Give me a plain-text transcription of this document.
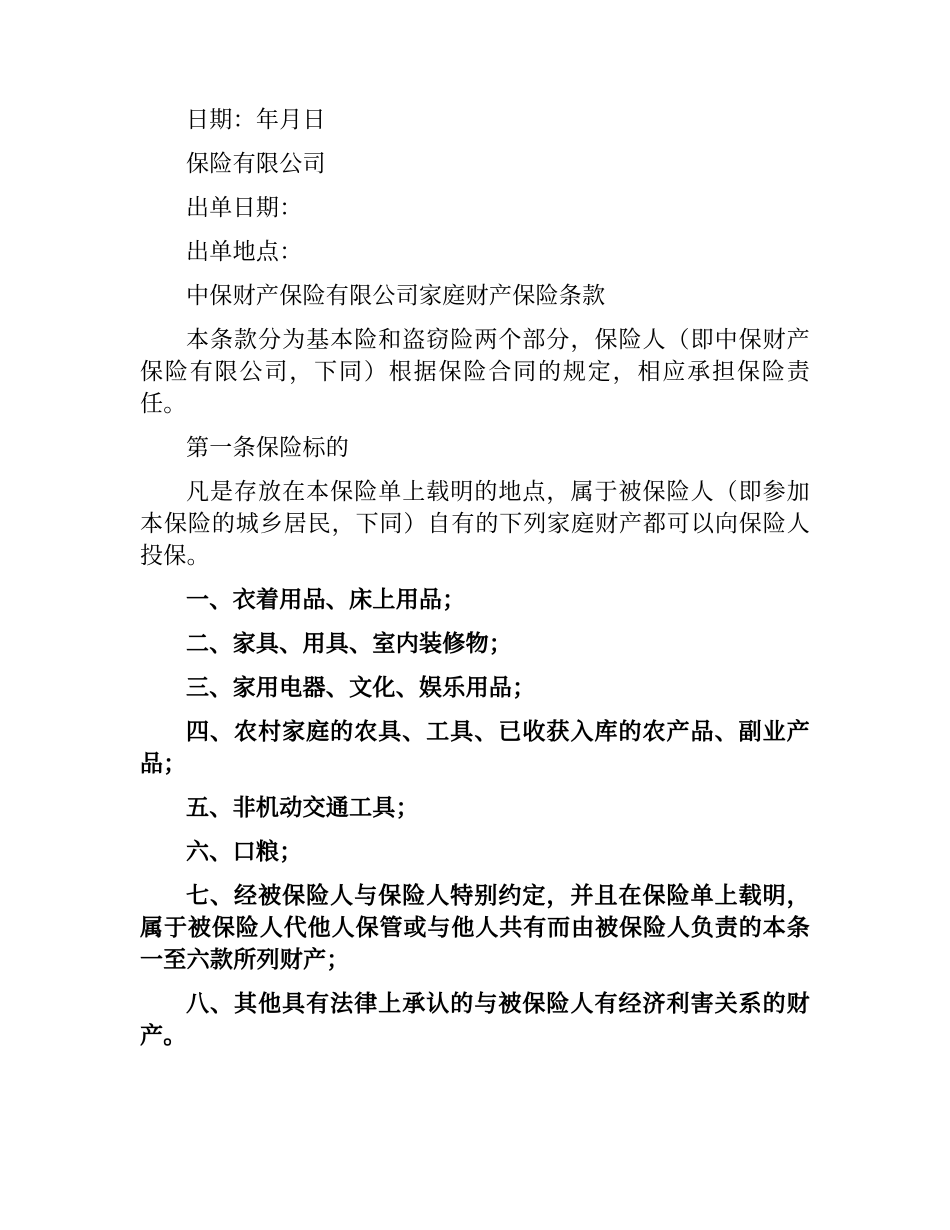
日期：年月日

保险有限公司

出单日期：

出单地点：

中保财产保险有限公司家庭财产保险条款

本条款分为基本险和盗窃险两个部分，保险人（即中保财产保险有限公司，下同）根据保险合同的规定，相应承担保险责任。

第一条保险标的

凡是存放在本保险单上载明的地点，属于被保险人（即参加本保险的城乡居民，下同）自有的下列家庭财产都可以向保险人投保。

一、衣着用品、床上用品；

二、家具、用具、室内装修物；

三、家用电器、文化、娱乐用品；

四、农村家庭的农具、工具、已收获入库的农产品、副业产品；

五、非机动交通工具；

六、口粮；

七、经被保险人与保险人特别约定，并且在保险单上载明，属于被保险人代他人保管或与他人共有而由被保险人负责的本条一至六款所列财产；

八、其他具有法律上承认的与被保险人有经济利害关系的财产。
